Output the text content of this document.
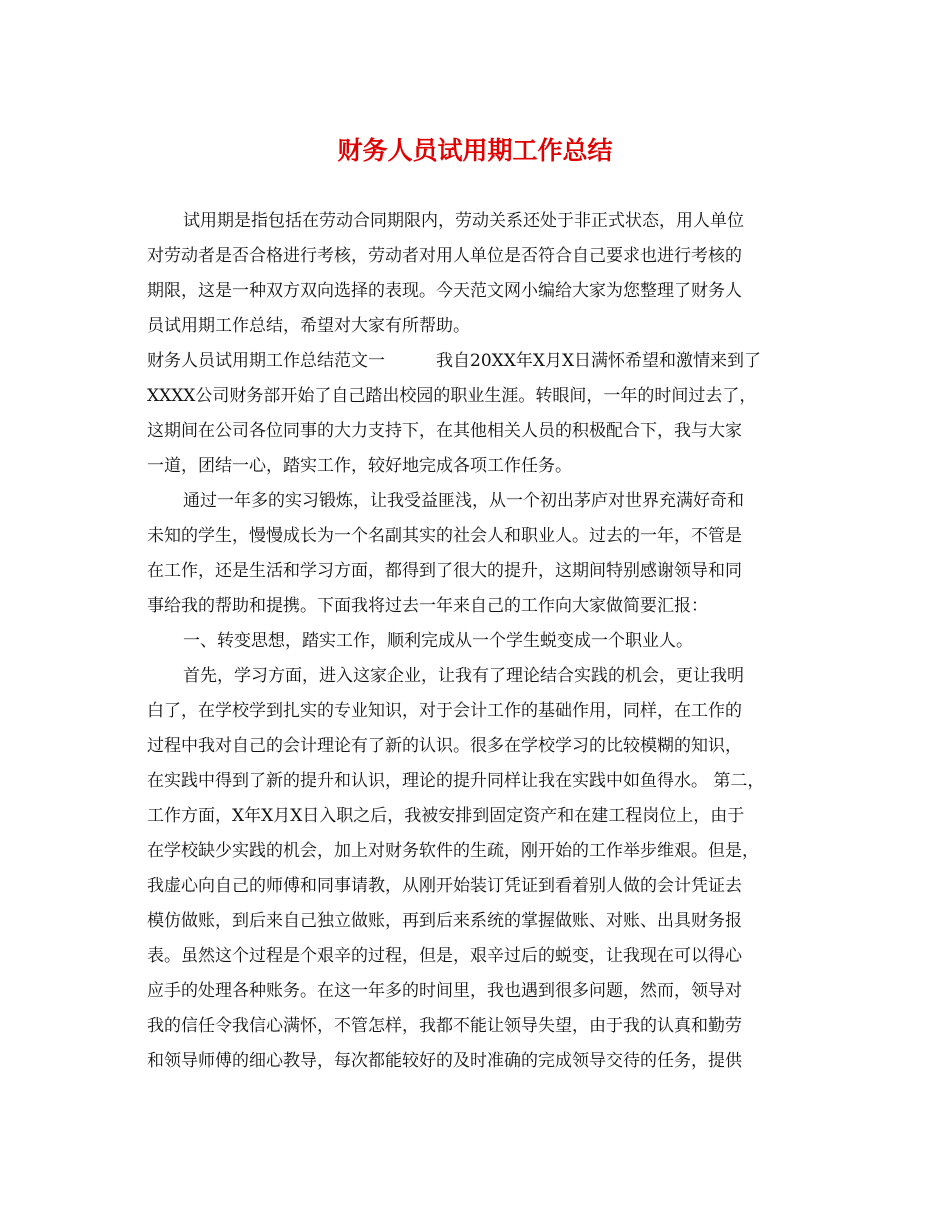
财务人员试用期工作总结

试用期是指包括在劳动合同期限内，劳动关系还处于非正式状态，用人单位

对劳动者是否合格进行考核，劳动者对用人单位是否符合自己要求也进行考核的

期限，这是一种双方双向选择的表现。今天范文网小编给大家为您整理了财务人

员试用期工作总结，希望对大家有所帮助。

财务人员试用期工作总结范文一　　　我自20XX年X月X日满怀希望和激情来到了

XXXX公司财务部开始了自己踏出校园的职业生涯。转眼间，一年的时间过去了，

这期间在公司各位同事的大力支持下，在其他相关人员的积极配合下，我与大家

一道，团结一心，踏实工作，较好地完成各项工作任务。

通过一年多的实习锻炼，让我受益匪浅，从一个初出茅庐对世界充满好奇和

未知的学生，慢慢成长为一个名副其实的社会人和职业人。过去的一年，不管是

在工作，还是生活和学习方面，都得到了很大的提升，这期间特别感谢领导和同

事给我的帮助和提携。下面我将过去一年来自己的工作向大家做简要汇报：

一、转变思想，踏实工作，顺利完成从一个学生蜕变成一个职业人。

首先，学习方面，进入这家企业，让我有了理论结合实践的机会，更让我明

白了，在学校学到扎实的专业知识，对于会计工作的基础作用，同样，在工作的

过程中我对自己的会计理论有了新的认识。很多在学校学习的比较模糊的知识，

在实践中得到了新的提升和认识，理论的提升同样让我在实践中如鱼得水。 第二，

工作方面，X年X月X日入职之后，我被安排到固定资产和在建工程岗位上，由于

在学校缺少实践的机会，加上对财务软件的生疏，刚开始的工作举步维艰。但是，

我虚心向自己的师傅和同事请教，从刚开始装订凭证到看着别人做的会计凭证去

模仿做账，到后来自己独立做账，再到后来系统的掌握做账、对账、出具财务报

表。虽然这个过程是个艰辛的过程，但是，艰辛过后的蜕变，让我现在可以得心

应手的处理各种账务。在这一年多的时间里，我也遇到很多问题，然而，领导对

我的信任令我信心满怀，不管怎样，我都不能让领导失望，由于我的认真和勤劳

和领导师傅的细心教导，每次都能较好的及时准确的完成领导交待的任务，提供
